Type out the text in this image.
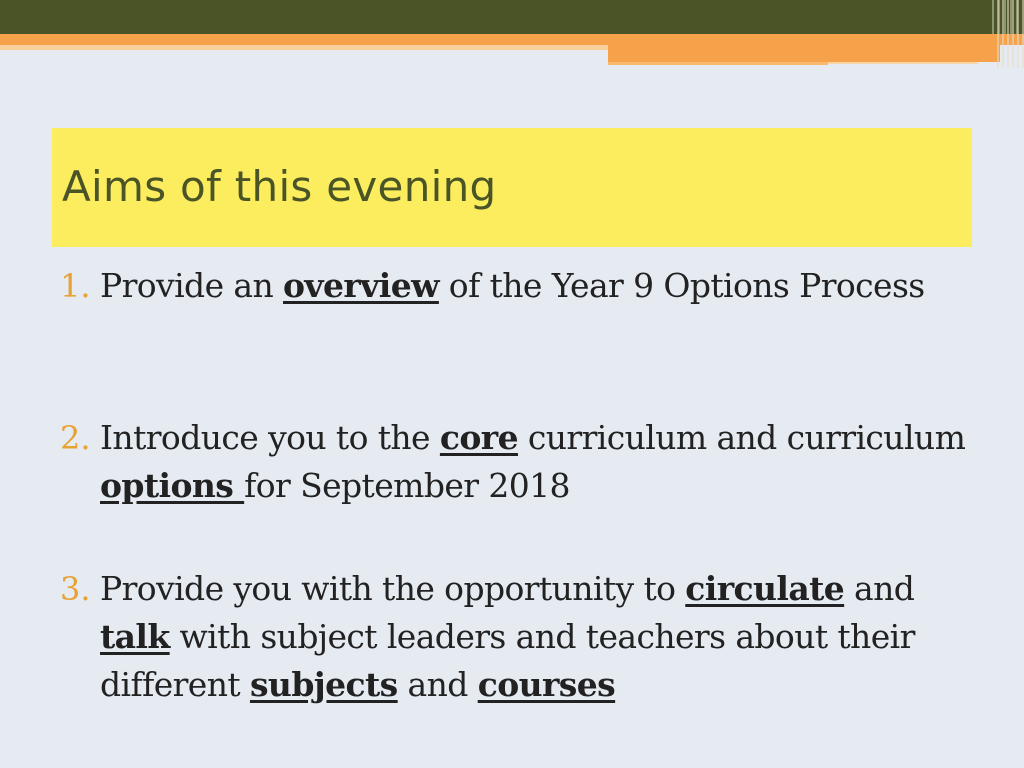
Aims of this evening
1. Provide an overview of the Year 9 Options Process
2. Introduce you to the core curriculum and curriculum options for September 2018
3. Provide you with the opportunity to circulate and talk with subject leaders and teachers about their different subjects and courses
